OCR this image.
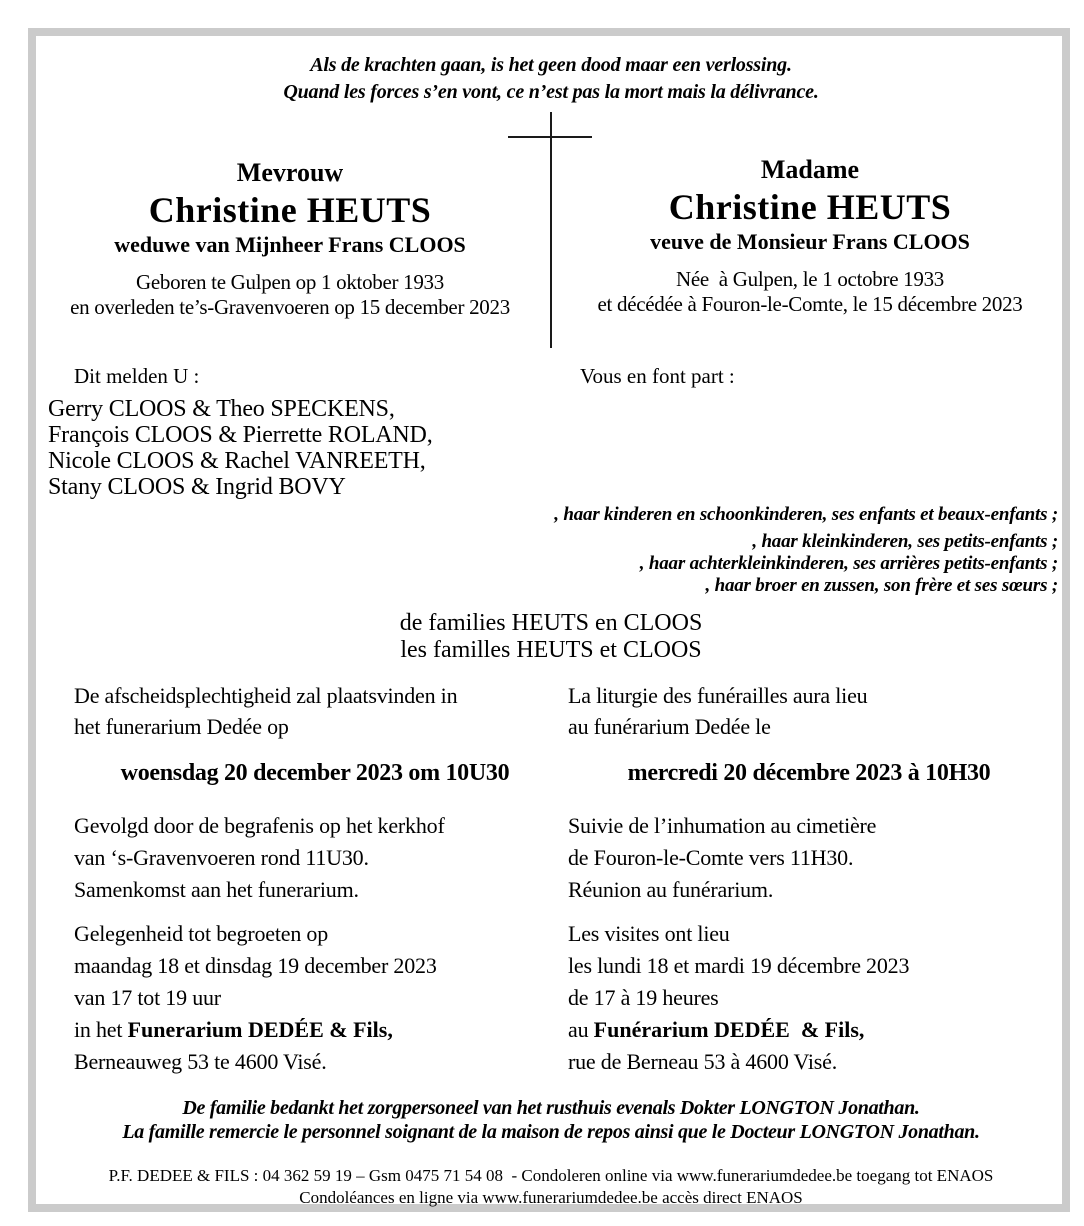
Als de krachten gaan, is het geen dood maar een verlossing.
Quand les forces s’en vont, ce n’est pas la mort mais la délivrance.
Mevrouw
Christine HEUTS
weduwe van Mijnheer Frans CLOOS
Geboren te Gulpen op 1 oktober 1933
en overleden te’s-Gravenvoeren op 15 december 2023
Madame
Christine HEUTS
veuve de Monsieur Frans CLOOS
Née  à Gulpen, le 1 octobre 1933
et décédée à Fouron-le-Comte, le 15 décembre 2023
Dit melden U :	Vous en font part :
Gerry CLOOS & Theo SPECKENS,
François CLOOS & Pierrette ROLAND,
Nicole CLOOS & Rachel VANREETH,
Stany CLOOS & Ingrid BOVY
, haar kinderen en schoonkinderen, ses enfants et beaux-enfants ;
, haar kleinkinderen, ses petits-enfants ;
, haar achterkleinkinderen, ses arrières petits-enfants ;
, haar broer en zussen, son frère et ses sœurs ;
de families HEUTS en CLOOS
les familles HEUTS et CLOOS
De afscheidsplechtigheid zal plaatsvinden in
het funerarium Dedée op
woensdag 20 december 2023 om 10U30
La liturgie des funérailles aura lieu
au funérarium Dedée le
mercredi 20 décembre 2023 à 10H30
Gevolgd door de begrafenis op het kerkhof
van ‘s-Gravenvoeren rond 11U30.
Samenkomst aan het funerarium.
Suivie de l’inhumation au cimetière
de Fouron-le-Comte vers 11H30.
Réunion au funérarium.
Gelegenheid tot begroeten op
maandag 18 et dinsdag 19 december 2023
van 17 tot 19 uur
in het Funerarium DEDÉE & Fils,
Berneauweg 53 te 4600 Visé.
Les visites ont lieu
les lundi 18 et mardi 19 décembre 2023
de 17 à 19 heures
au Funérarium DEDÉE  & Fils,
rue de Berneau 53 à 4600 Visé.
De familie bedankt het zorgpersoneel van het rusthuis evenals Dokter LONGTON Jonathan.
La famille remercie le personnel soignant de la maison de repos ainsi que le Docteur LONGTON Jonathan.
P.F. DEDEE & FILS : 04 362 59 19 – Gsm 0475 71 54 08  - Condoleren online via www.funerariumdedee.be toegang tot ENAOS
Condoléances en ligne via www.funerariumdedee.be accès direct ENAOS
